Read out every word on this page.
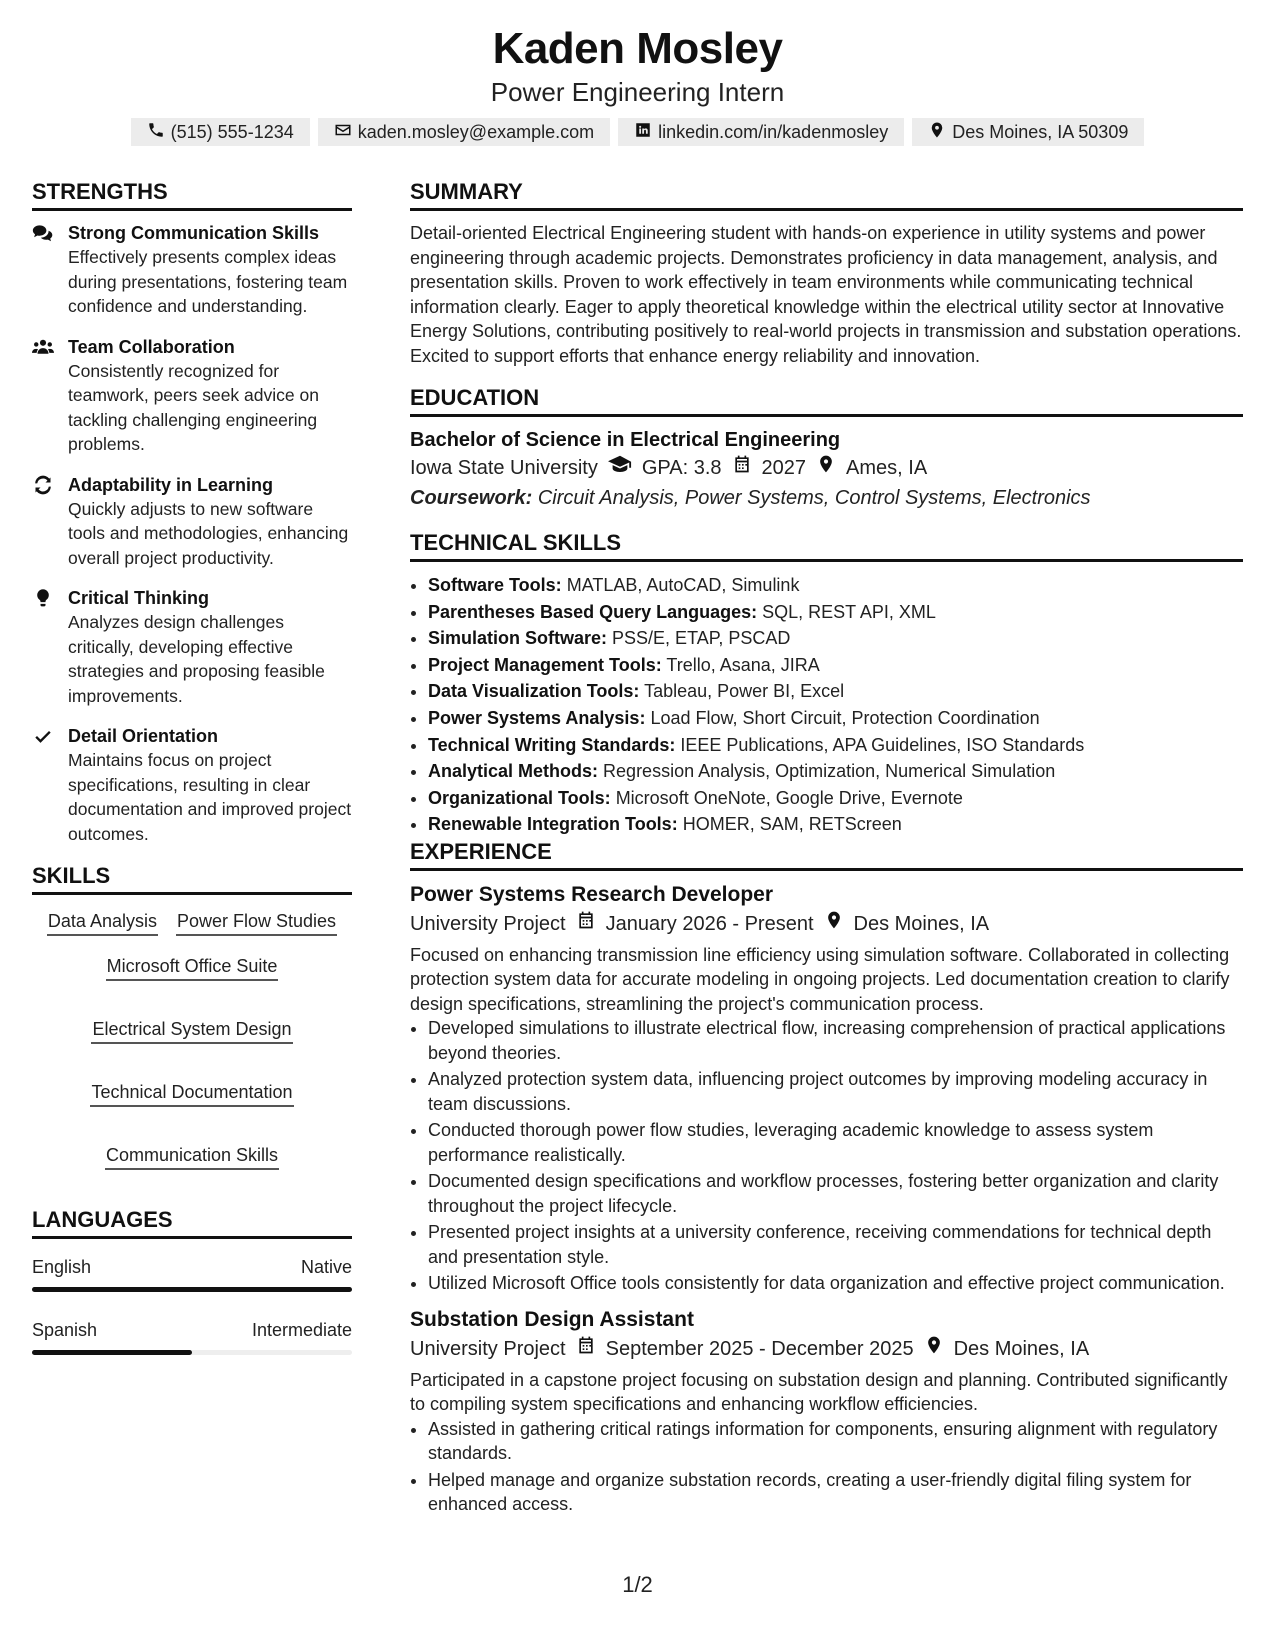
Kaden Mosley
Power Engineering Intern
(515) 555-1234	kaden.mosley@example.com	linkedin.com/in/kadenmosley	Des Moines, IA 50309
STRENGTHS
Strong Communication Skills
Effectively presents complex ideas during presentations, fostering team confidence and understanding.
Team Collaboration
Consistently recognized for teamwork, peers seek advice on tackling challenging engineering problems.
Adaptability in Learning
Quickly adjusts to new software tools and methodologies, enhancing overall project productivity.
Critical Thinking
Analyzes design challenges critically, developing effective strategies and proposing feasible improvements.
Detail Orientation
Maintains focus on project specifications, resulting in clear documentation and improved project outcomes.
SKILLS
Data Analysis Power Flow Studies
Microsoft Office Suite
Electrical System Design
Technical Documentation
Communication Skills
LANGUAGES
English	Native
Spanish	Intermediate
SUMMARY
Detail-oriented Electrical Engineering student with hands-on experience in utility systems and power engineering through academic projects. Demonstrates proficiency in data management, analysis, and presentation skills. Proven to work effectively in team environments while communicating technical information clearly. Eager to apply theoretical knowledge within the electrical utility sector at Innovative Energy Solutions, contributing positively to real-world projects in transmission and substation operations. Excited to support efforts that enhance energy reliability and innovation.
EDUCATION
Bachelor of Science in Electrical Engineering
Iowa State University GPA: 3.8 2027 Ames, IA
Coursework: Circuit Analysis, Power Systems, Control Systems, Electronics
TECHNICAL SKILLS
• Software Tools: MATLAB, AutoCAD, Simulink
• Parentheses Based Query Languages: SQL, REST API, XML
• Simulation Software: PSS/E, ETAP, PSCAD
• Project Management Tools: Trello, Asana, JIRA
• Data Visualization Tools: Tableau, Power BI, Excel
• Power Systems Analysis: Load Flow, Short Circuit, Protection Coordination
• Technical Writing Standards: IEEE Publications, APA Guidelines, ISO Standards
• Analytical Methods: Regression Analysis, Optimization, Numerical Simulation
• Organizational Tools: Microsoft OneNote, Google Drive, Evernote
• Renewable Integration Tools: HOMER, SAM, RETScreen
EXPERIENCE
Power Systems Research Developer
University Project January 2026 - Present Des Moines, IA
Focused on enhancing transmission line efficiency using simulation software. Collaborated in collecting protection system data for accurate modeling in ongoing projects. Led documentation creation to clarify design specifications, streamlining the project's communication process.
• Developed simulations to illustrate electrical flow, increasing comprehension of practical applications beyond theories.
• Analyzed protection system data, influencing project outcomes by improving modeling accuracy in team discussions.
• Conducted thorough power flow studies, leveraging academic knowledge to assess system performance realistically.
• Documented design specifications and workflow processes, fostering better organization and clarity throughout the project lifecycle.
• Presented project insights at a university conference, receiving commendations for technical depth and presentation style.
• Utilized Microsoft Office tools consistently for data organization and effective project communication.
Substation Design Assistant
University Project September 2025 - December 2025 Des Moines, IA
Participated in a capstone project focusing on substation design and planning. Contributed significantly to compiling system specifications and enhancing workflow efficiencies.
• Assisted in gathering critical ratings information for components, ensuring alignment with regulatory standards.
• Helped manage and organize substation records, creating a user-friendly digital filing system for enhanced access.
1/2
